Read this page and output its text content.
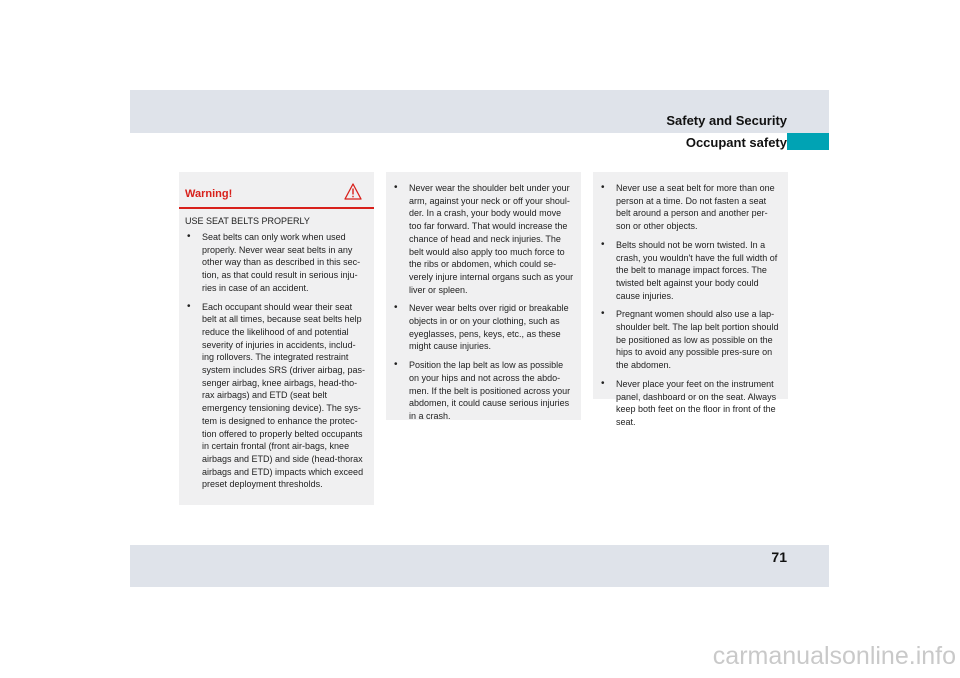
Safety and Security
Occupant safety
Warning!
USE SEAT BELTS PROPERLY
• Seat belts can only work when used properly. Never wear seat belts in any other way than as described in this sec-tion, as that could result in serious inju-ries in case of an accident.
• Each occupant should wear their seat belt at all times, because seat belts help reduce the likelihood of and potential severity of injuries in accidents, includ-ing rollovers. The integrated restraint system includes SRS (driver airbag, pas-senger airbag, knee airbags, head-tho-rax airbags) and ETD (seat belt emergency tensioning device). The sys-tem is designed to enhance the protec-tion offered to properly belted occupants in certain frontal (front air-bags, knee airbags and ETD) and side (head-thorax airbags and ETD) impacts which exceed preset deployment thresholds.
• Never wear the shoulder belt under your arm, against your neck or off your shoul-der. In a crash, your body would move too far forward. That would increase the chance of head and neck injuries. The belt would also apply too much force to the ribs or abdomen, which could se-verely injure internal organs such as your liver or spleen.
• Never wear belts over rigid or breakable objects in or on your clothing, such as eyeglasses, pens, keys, etc., as these might cause injuries.
• Position the lap belt as low as possible on your hips and not across the abdo-men. If the belt is positioned across your abdomen, it could cause serious injuries in a crash.
• Never use a seat belt for more than one person at a time. Do not fasten a seat belt around a person and another per-son or other objects.
• Belts should not be worn twisted. In a crash, you wouldn't have the full width of the belt to manage impact forces. The twisted belt against your body could cause injuries.
• Pregnant women should also use a lap-shoulder belt. The lap belt portion should be positioned as low as possible on the hips to avoid any possible pres-sure on the abdomen.
• Never place your feet on the instrument panel, dashboard or on the seat. Always keep both feet on the floor in front of the seat.
71
carmanualsonline.info
